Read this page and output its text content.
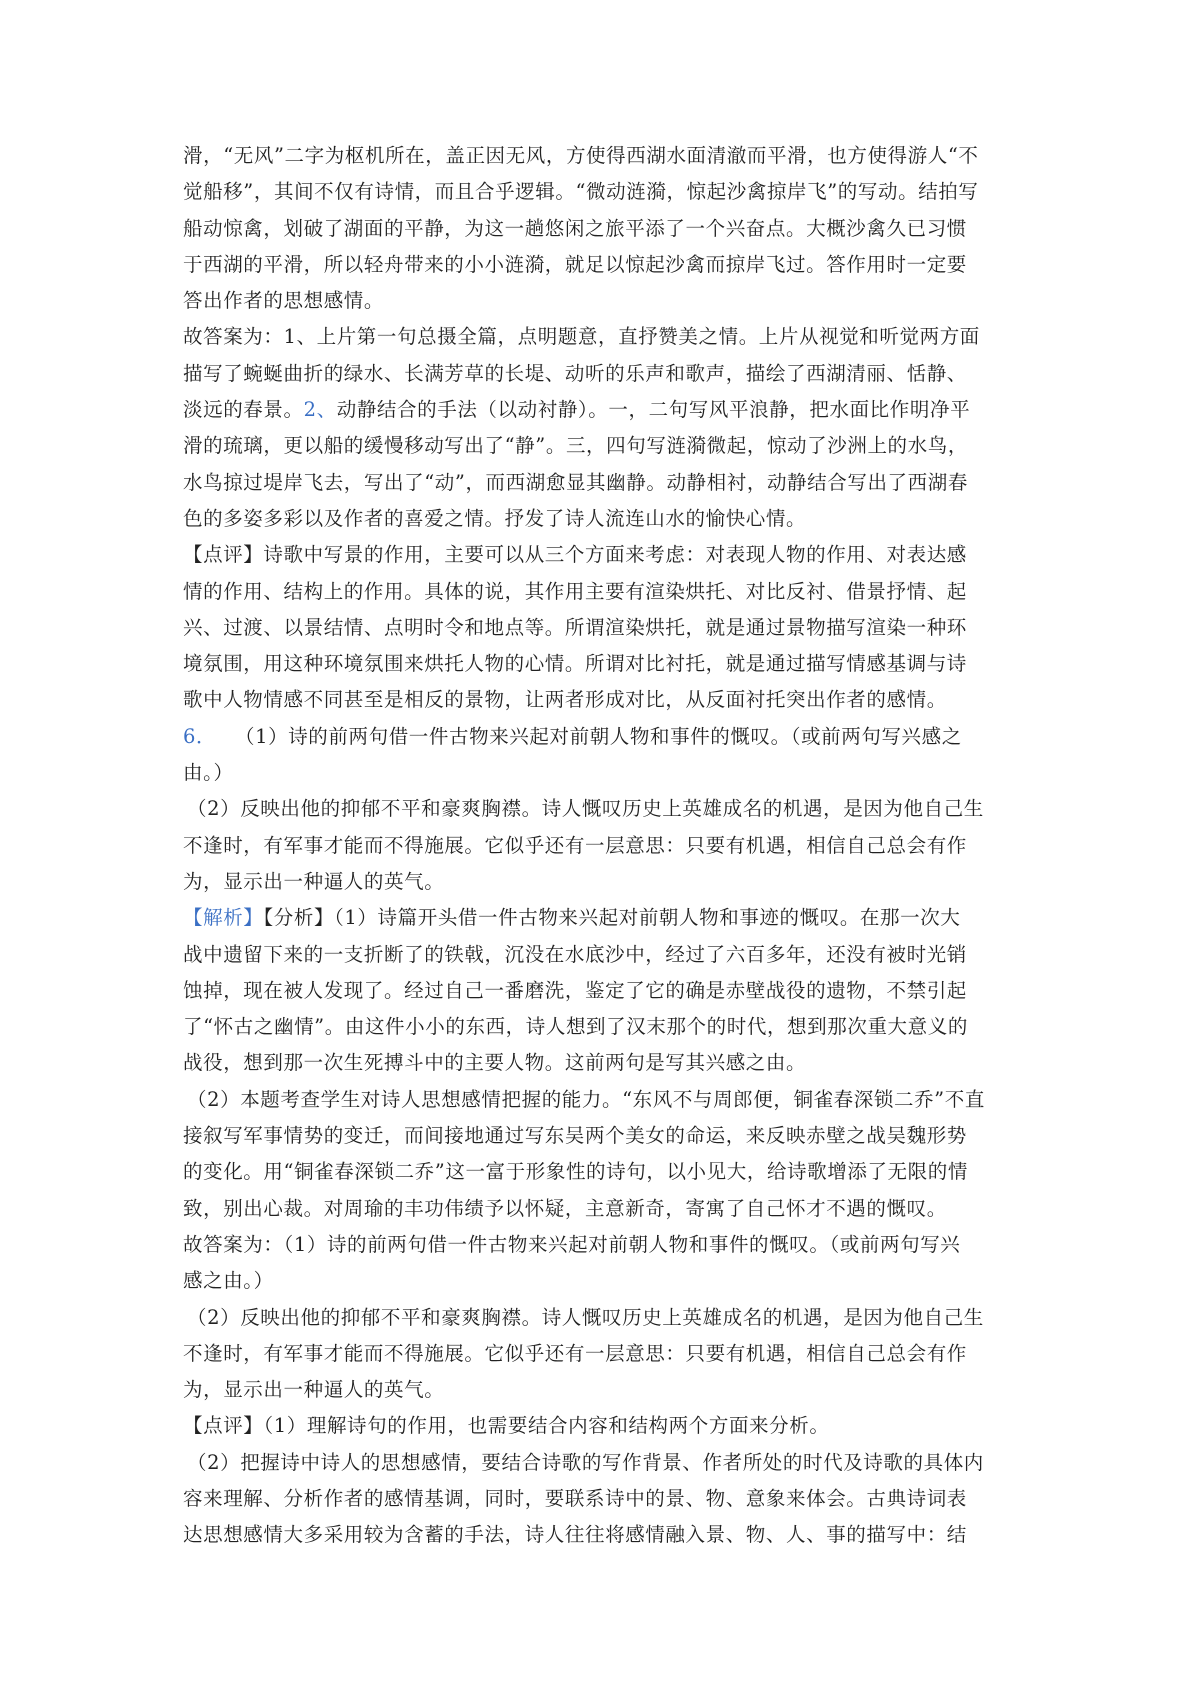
滑，“无风”二字为枢机所在，盖正因无风，方使得西湖水面清澈而平滑，也方使得游人“不
觉船移”，其间不仅有诗情，而且合乎逻辑。“微动涟漪，惊起沙禽掠岸飞”的写动。结拍写
船动惊禽，划破了湖面的平静，为这一趟悠闲之旅平添了一个兴奋点。大概沙禽久已习惯
于西湖的平滑，所以轻舟带来的小小涟漪，就足以惊起沙禽而掠岸飞过。答作用时一定要
答出作者的思想感情。
故答案为：1、上片第一句总摄全篇，点明题意，直抒赞美之情。上片从视觉和听觉两方面
描写了蜿蜒曲折的绿水、长满芳草的长堤、动听的乐声和歌声，描绘了西湖清丽、恬静、
淡远的春景。2、动静结合的手法（以动衬静）。一，二句写风平浪静，把水面比作明净平
滑的琉璃，更以船的缓慢移动写出了“静”。三，四句写涟漪微起，惊动了沙洲上的水鸟，
水鸟掠过堤岸飞去，写出了“动”，而西湖愈显其幽静。动静相衬，动静结合写出了西湖春
色的多姿多彩以及作者的喜爱之情。抒发了诗人流连山水的愉快心情。
【点评】诗歌中写景的作用，主要可以从三个方面来考虑：对表现人物的作用、对表达感
情的作用、结构上的作用。具体的说，其作用主要有渲染烘托、对比反衬、借景抒情、起
兴、过渡、以景结情、点明时令和地点等。所谓渲染烘托，就是通过景物描写渲染一种环
境氛围，用这种环境氛围来烘托人物的心情。所谓对比衬托，就是通过描写情感基调与诗
歌中人物情感不同甚至是相反的景物，让两者形成对比，从反面衬托突出作者的感情。
6． （1）诗的前两句借一件古物来兴起对前朝人物和事件的慨叹。（或前两句写兴感之
由。）
（2）反映出他的抑郁不平和豪爽胸襟。诗人慨叹历史上英雄成名的机遇，是因为他自己生
不逢时，有军事才能而不得施展。它似乎还有一层意思：只要有机遇，相信自己总会有作
为，显示出一种逼人的英气。
【解析】【分析】（1）诗篇开头借一件古物来兴起对前朝人物和事迹的慨叹。在那一次大
战中遗留下来的一支折断了的铁戟，沉没在水底沙中，经过了六百多年，还没有被时光销
蚀掉，现在被人发现了。经过自己一番磨洗，鉴定了它的确是赤壁战役的遗物，不禁引起
了“怀古之幽情”。由这件小小的东西，诗人想到了汉末那个的时代，想到那次重大意义的
战役，想到那一次生死搏斗中的主要人物。这前两句是写其兴感之由。
（2）本题考查学生对诗人思想感情把握的能力。“东风不与周郎便，铜雀春深锁二乔”不直
接叙写军事情势的变迁，而间接地通过写东吴两个美女的命运，来反映赤壁之战吴魏形势
的变化。用“铜雀春深锁二乔”这一富于形象性的诗句，以小见大，给诗歌增添了无限的情
致，别出心裁。对周瑜的丰功伟绩予以怀疑，主意新奇，寄寓了自己怀才不遇的慨叹。
故答案为：（1）诗的前两句借一件古物来兴起对前朝人物和事件的慨叹。（或前两句写兴
感之由。）
（2）反映出他的抑郁不平和豪爽胸襟。诗人慨叹历史上英雄成名的机遇，是因为他自己生
不逢时，有军事才能而不得施展。它似乎还有一层意思：只要有机遇，相信自己总会有作
为，显示出一种逼人的英气。
【点评】（1）理解诗句的作用，也需要结合内容和结构两个方面来分析。
（2）把握诗中诗人的思想感情，要结合诗歌的写作背景、作者所处的时代及诗歌的具体内
容来理解、分析作者的感情基调，同时，要联系诗中的景、物、意象来体会。古典诗词表
达思想感情大多采用较为含蓄的手法，诗人往往将感情融入景、物、人、事的描写中：结
